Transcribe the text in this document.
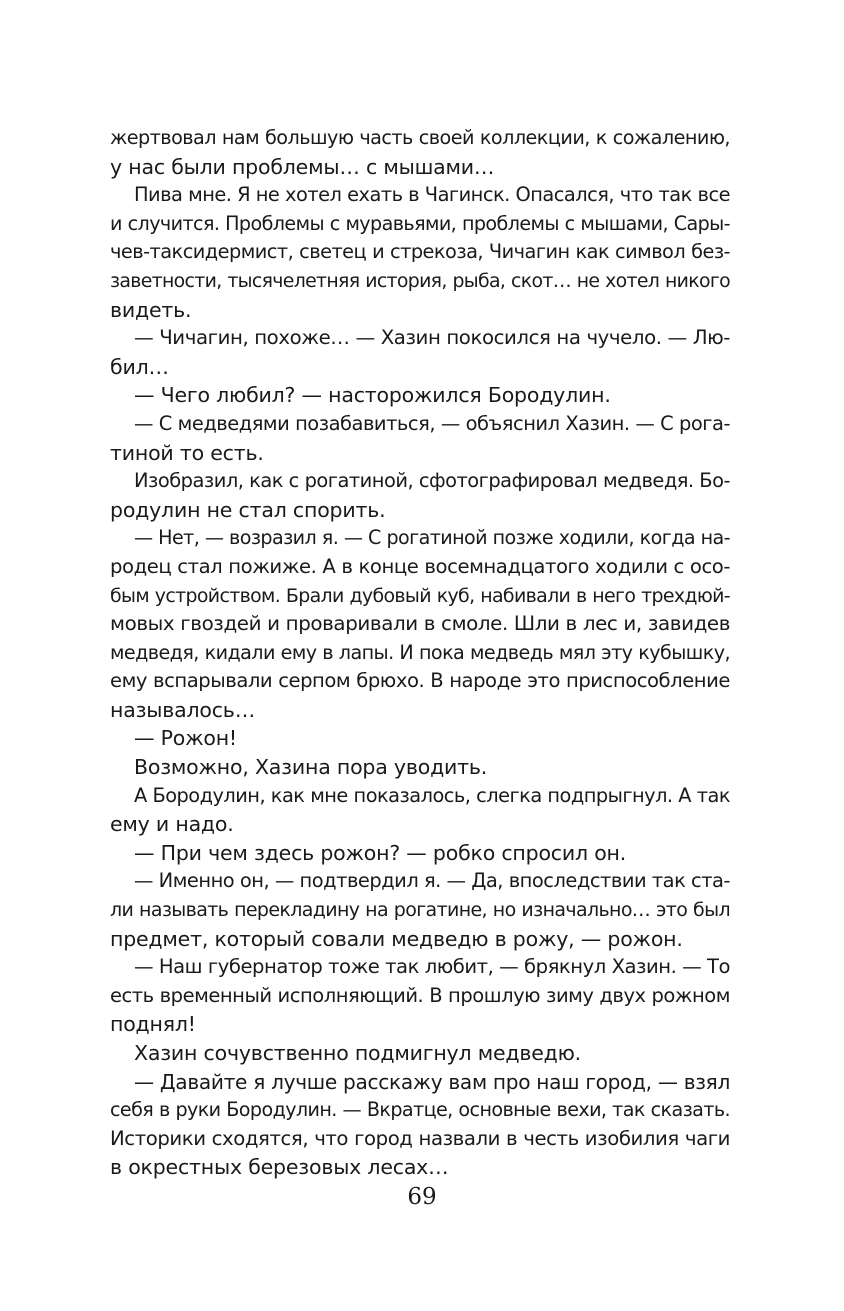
жертвовал нам большую часть своей коллекции, к сожалению,
у нас были проблемы… с мышами…
Пива мне. Я не хотел ехать в Чагинск. Опасался, что так все
и случится. Проблемы с муравьями, проблемы с мышами, Сары-
чев-таксидермист, светец и стрекоза, Чичагин как символ без-
заветности, тысячелетняя история, рыба, скот… не хотел никого
видеть.
— Чичагин, похоже… — Хазин покосился на чучело. — Лю-
бил…
— Чего любил? — насторожился Бородулин.
— С медведями позабавиться, — объяснил Хазин. — С рога-
тиной то есть.
Изобразил, как с рогатиной, сфотографировал медведя. Бо-
родулин не стал спорить.
— Нет, — возразил я. — С рогатиной позже ходили, когда на-
родец стал пожиже. А в конце восемнадцатого ходили с осо-
бым устройством. Брали дубовый куб, набивали в него трехдюй-
мовых гвоздей и проваривали в смоле. Шли в лес и, завидев
медведя, кидали ему в лапы. И пока медведь мял эту кубышку,
ему вспарывали серпом брюхо. В народе это приспособление
называлось…
— Рожон!
Возможно, Хазина пора уводить.
А Бородулин, как мне показалось, слегка подпрыгнул. А так
ему и надо.
— При чем здесь рожон? — робко спросил он.
— Именно он, — подтвердил я. — Да, впоследствии так ста-
ли называть перекладину на рогатине, но изначально… это был
предмет, который совали медведю в рожу, — рожон.
— Наш губернатор тоже так любит, — брякнул Хазин. — То
есть временный исполняющий. В прошлую зиму двух рожном
поднял!
Хазин сочувственно подмигнул медведю.
— Давайте я лучше расскажу вам про наш город, — взял
себя в руки Бородулин. — Вкратце, основные вехи, так сказать.
Историки сходятся, что город назвали в честь изобилия чаги
в окрестных березовых лесах…
69
